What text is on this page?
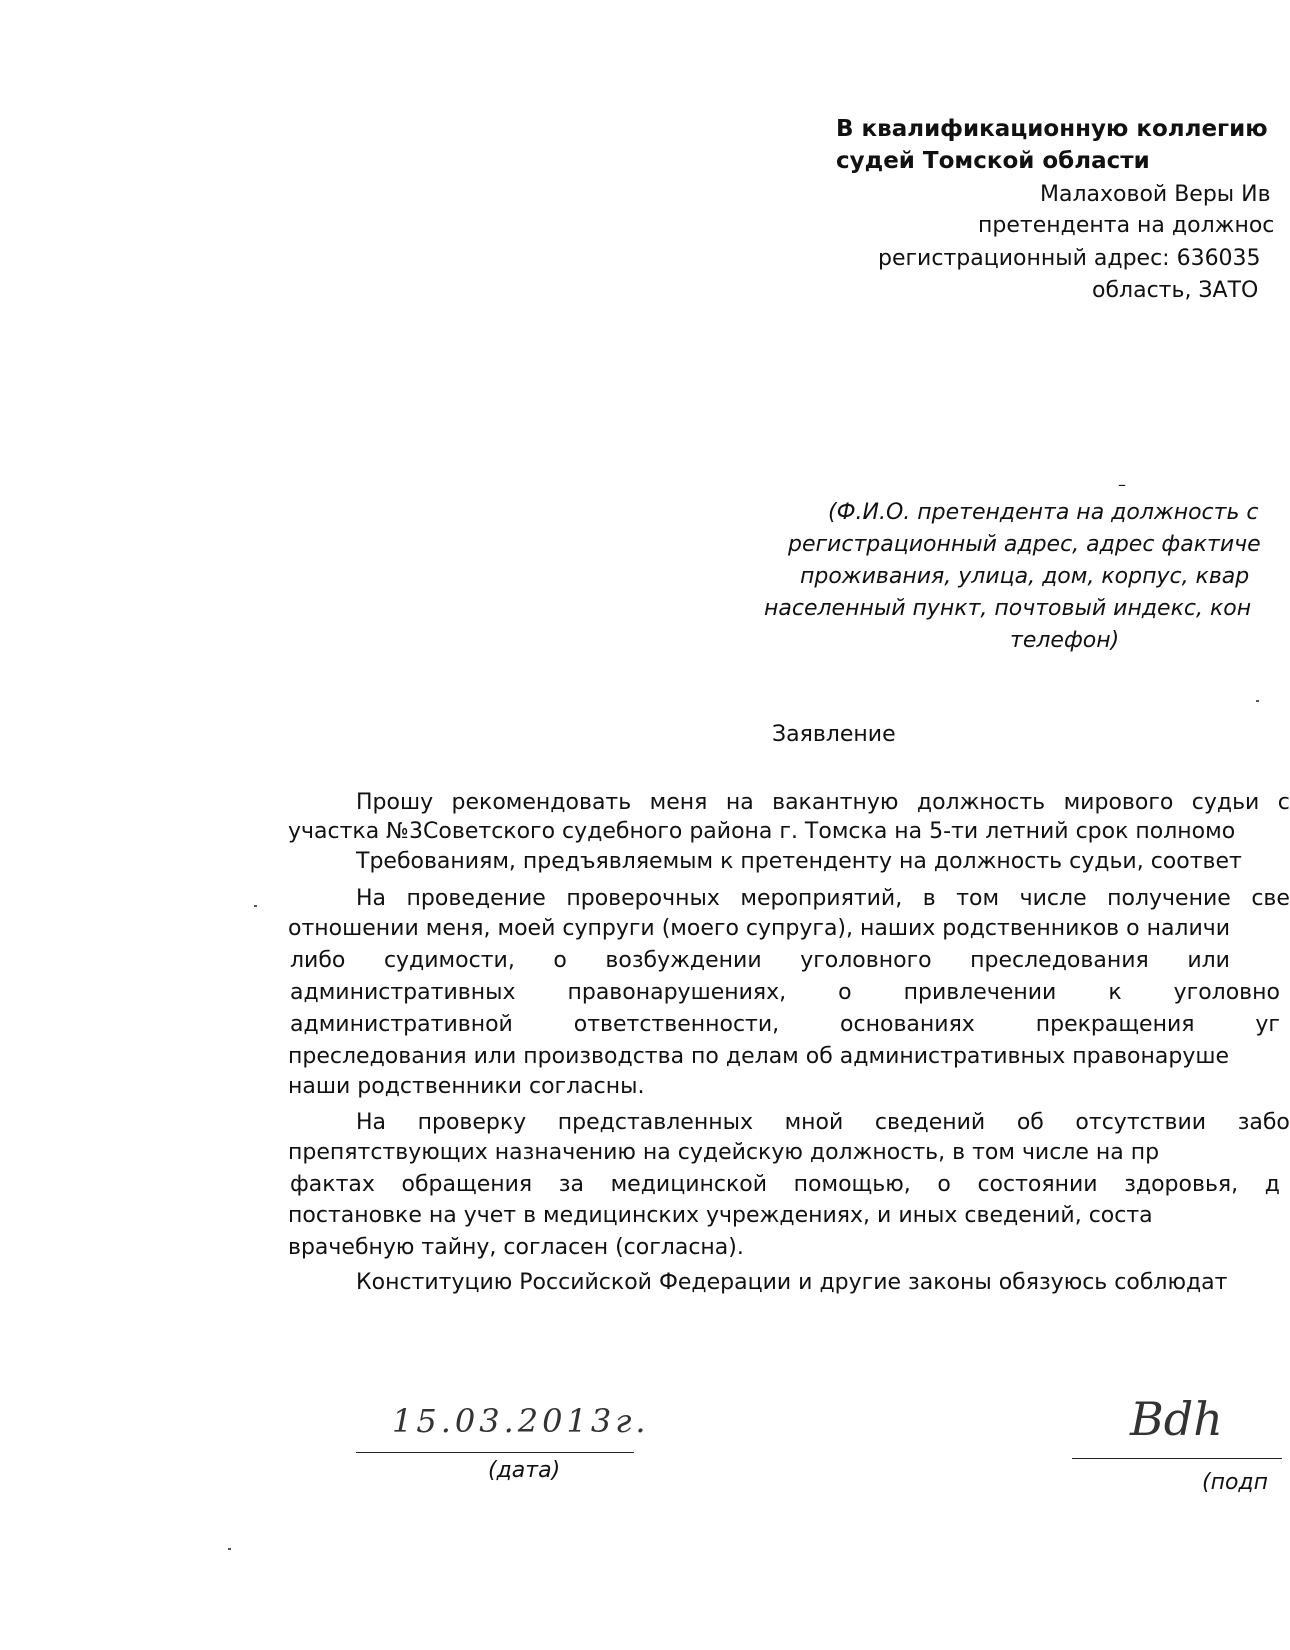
В квалификационную коллегию
судей Томской области
Малаховой Веры Ив
претендента на должнос
регистрационный адрес: 636035
область, ЗАТО
–
(Ф.И.О. претендента на должность с
регистрационный адрес, адрес фактиче
проживания, улица, дом, корпус, квар
населенный пункт, почтовый индекс, кон
телефон)
Заявление
Прошу рекомендовать меня на вакантную должность мирового судьи с
участка №3Советского судебного района г. Томска на 5-ти летний срок полномо
Требованиям, предъявляемым к претенденту на должность судьи, соответ
На проведение проверочных мероприятий, в том числе получение све
отношении меня, моей супруги (моего супруга), наших родственников о наличи
либо судимости, о возбуждении уголовного преследования или
административных правонарушениях, о привлечении к уголовно
административной	ответственности,	основаниях	прекращения	уг
преследования или производства по делам об административных правонаруше
наши родственники согласны.
На проверку представленных мной сведений об отсутствии забо
препятствующих назначению на судейскую должность, в том числе на пр
фактах обращения за медицинской помощью, о состоянии здоровья, д
постановке на учет в медицинских учреждениях, и иных сведений, соста
врачебную тайну, согласен (согласна).
Конституцию Российской Федерации и другие законы обязуюсь соблюдат
15.03.2013г.
(дата)
Bdh
(подп
